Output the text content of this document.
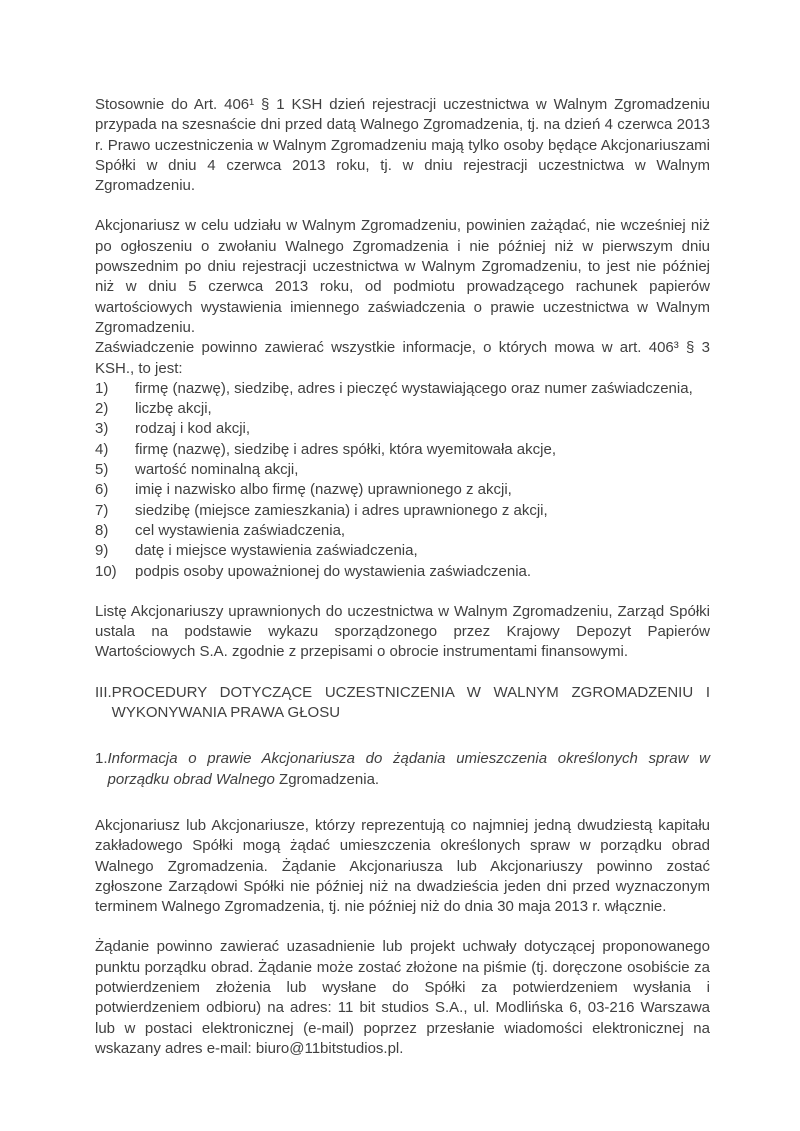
Stosownie do Art. 406¹ § 1 KSH dzień rejestracji uczestnictwa w Walnym Zgromadzeniu przypada na szesnaście dni przed datą Walnego Zgromadzenia, tj. na dzień 4 czerwca 2013 r. Prawo uczestniczenia w Walnym Zgromadzeniu mają tylko osoby będące Akcjonariuszami Spółki w dniu 4 czerwca 2013 roku, tj. w dniu rejestracji uczestnictwa w Walnym Zgromadzeniu.

Akcjonariusz w celu udziału w Walnym Zgromadzeniu, powinien zażądać, nie wcześniej niż po ogłoszeniu o zwołaniu Walnego Zgromadzenia i nie później niż w pierwszym dniu powszednim po dniu rejestracji uczestnictwa w Walnym Zgromadzeniu, to jest nie później niż w dniu 5 czerwca 2013 roku, od podmiotu prowadzącego rachunek papierów wartościowych wystawienia imiennego zaświadczenia o prawie uczestnictwa w Walnym Zgromadzeniu.

Zaświadczenie powinno zawierać wszystkie informacje, o których mowa w art. 406³ § 3 KSH., to jest:

1)	firmę (nazwę), siedzibę, adres i pieczęć wystawiającego oraz numer zaświadczenia,
2)	liczbę akcji,
3)	rodzaj i kod akcji,
4)	firmę (nazwę), siedzibę i adres spółki, która wyemitowała akcje,
5)	wartość nominalną akcji,
6)	imię i nazwisko albo firmę (nazwę) uprawnionego z akcji,
7)	siedzibę (miejsce zamieszkania) i adres uprawnionego z akcji,
8)	cel wystawienia zaświadczenia,
9)	datę i miejsce wystawienia zaświadczenia,
10)	podpis osoby upoważnionej do wystawienia zaświadczenia.

Listę Akcjonariuszy uprawnionych do uczestnictwa w Walnym Zgromadzeniu, Zarząd Spółki ustala na podstawie wykazu sporządzonego przez Krajowy Depozyt Papierów Wartościowych S.A. zgodnie z przepisami o obrocie instrumentami finansowymi.

III. PROCEDURY DOTYCZĄCE UCZESTNICZENIA W WALNYM ZGROMADZENIU I WYKONYWANIA PRAWA GŁOSU
1. Informacja o prawie Akcjonariusza do żądania umieszczenia określonych spraw w porządku obrad Walnego Zgromadzenia.

Akcjonariusz lub Akcjonariusze, którzy reprezentują co najmniej jedną dwudziestą kapitału zakładowego Spółki mogą żądać umieszczenia określonych spraw w porządku obrad Walnego Zgromadzenia. Żądanie Akcjonariusza lub Akcjonariuszy powinno zostać zgłoszone Zarządowi Spółki nie później niż na dwadzieścia jeden dni przed wyznaczonym terminem Walnego Zgromadzenia, tj. nie później niż do dnia 30 maja 2013 r. włącznie.

Żądanie powinno zawierać uzasadnienie lub projekt uchwały dotyczącej proponowanego punktu porządku obrad. Żądanie może zostać złożone na piśmie (tj. doręczone osobiście za potwierdzeniem złożenia lub wysłane do Spółki za potwierdzeniem wysłania i potwierdzeniem odbioru) na adres: 11 bit studios S.A., ul. Modlińska 6, 03-216 Warszawa lub w postaci elektronicznej (e-mail) poprzez przesłanie wiadomości elektronicznej na wskazany adres e-mail: biuro@11bitstudios.pl.
